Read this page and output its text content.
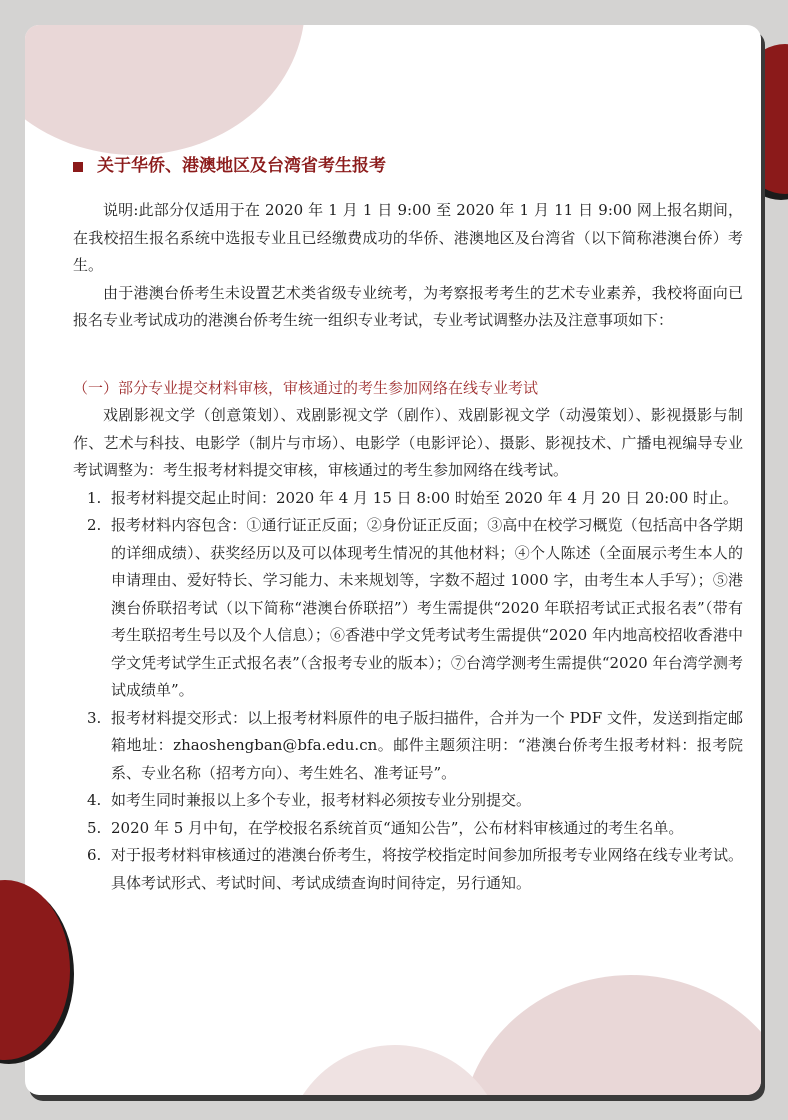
关于华侨、港澳地区及台湾省考生报考

说明:此部分仅适用于在 2020 年 1 月 1 日 9:00 至 2020 年 1 月 11 日 9:00 网上报名期间，在我校招生报名系统中选报专业且已经缴费成功的华侨、港澳地区及台湾省（以下简称港澳台侨）考生。

由于港澳台侨考生未设置艺术类省级专业统考，为考察报考考生的艺术专业素养，我校将面向已报名专业考试成功的港澳台侨考生统一组织专业考试，专业考试调整办法及注意事项如下：

（一）部分专业提交材料审核，审核通过的考生参加网络在线专业考试

戏剧影视文学（创意策划）、戏剧影视文学（剧作）、戏剧影视文学（动漫策划）、影视摄影与制作、艺术与科技、电影学（制片与市场）、电影学（电影评论）、摄影、影视技术、广播电视编导专业考试调整为：考生报考材料提交审核，审核通过的考生参加网络在线考试。

1. 报考材料提交起止时间：2020 年 4 月 15 日 8:00 时始至 2020 年 4 月 20 日 20:00 时止。
2. 报考材料内容包含：①通行证正反面；②身份证正反面；③高中在校学习概览（包括高中各学期的详细成绩）、获奖经历以及可以体现考生情况的其他材料；④个人陈述（全面展示考生本人的申请理由、爱好特长、学习能力、未来规划等，字数不超过 1000 字，由考生本人手写）；⑤港澳台侨联招考试（以下简称“港澳台侨联招”）考生需提供“2020 年联招考试正式报名表”（带有考生联招考生号以及个人信息）；⑥香港中学文凭考试考生需提供“2020 年内地高校招收香港中学文凭考试学生正式报名表”（含报考专业的版本）；⑦台湾学测考生需提供“2020 年台湾学测考试成绩单”。
3. 报考材料提交形式：以上报考材料原件的电子版扫描件，合并为一个 PDF 文件，发送到指定邮箱地址：zhaoshengban@bfa.edu.cn。邮件主题须注明：“港澳台侨考生报考材料：报考院系、专业名称（招考方向）、考生姓名、准考证号”。
4. 如考生同时兼报以上多个专业，报考材料必须按专业分别提交。
5. 2020 年 5 月中旬，在学校报名系统首页“通知公告”，公布材料审核通过的考生名单。
6. 对于报考材料审核通过的港澳台侨考生，将按学校指定时间参加所报考专业网络在线专业考试。具体考试形式、考试时间、考试成绩查询时间待定，另行通知。
